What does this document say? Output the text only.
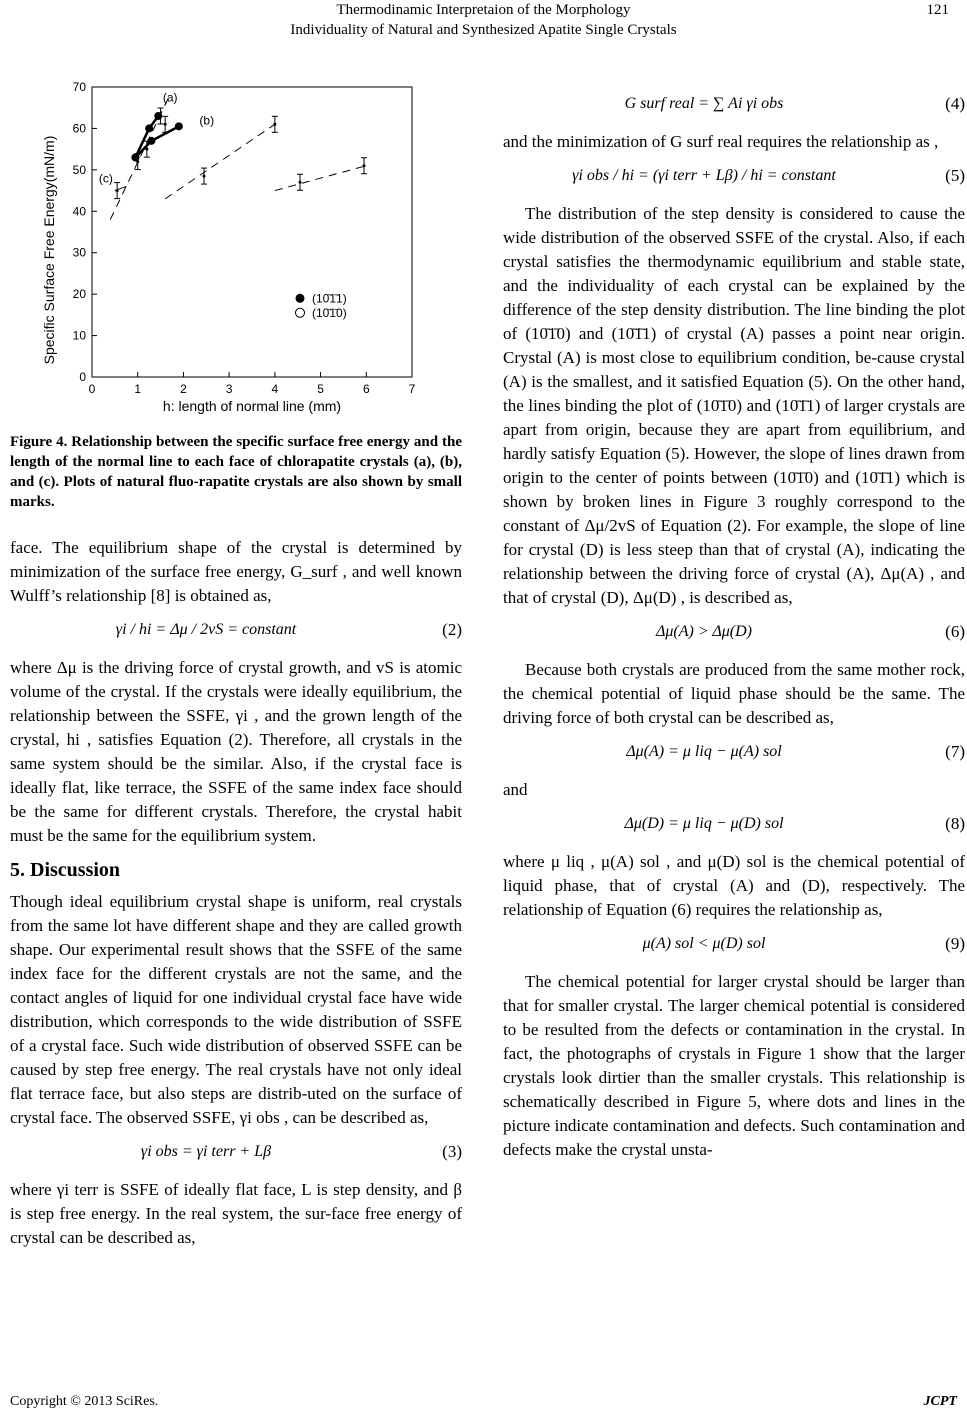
Thermodinamic Interpretaion of the Morphology
Individuality of Natural and Synthesized Apatite Single Crystals
121
0	1	2	3	4	5	6	7
0
10
20
30
40
50
60
70
(a)
(b)
(c)
(10̄1̄1)
(10̄1̄0)
Specific Surface Free Energy(mN/m)
h: length of normal line (mm)
Figure 4. Relationship between the specific surface free energy and the length of the normal line to each face of chlorapatite crystals (a), (b), and (c). Plots of natural fluo-rapatite crystals are also shown by small marks.

face. The equilibrium shape of the crystal is determined by minimization of the surface free energy, G_surf , and well known Wulff’s relationship [8] is obtained as,

γi / hi = Δμ / 2vS = constant	(2)

where Δμ is the driving force of crystal growth, and vS is atomic volume of the crystal. If the crystals were ideally equilibrium, the relationship between the SSFE, γi , and the grown length of the crystal, hi , satisfies Equation (2). Therefore, all crystals in the same system should be the similar. Also, if the crystal face is ideally flat, like terrace, the SSFE of the same index face should be the same for different crystals. Therefore, the crystal habit must be the same for the equilibrium system.

5. Discussion

Though ideal equilibrium crystal shape is uniform, real crystals from the same lot have different shape and they are called growth shape. Our experimental result shows that the SSFE of the same index face for the different crystals are not the same, and the contact angles of liquid for one individual crystal face have wide distribution, which corresponds to the wide distribution of SSFE of a crystal face. Such wide distribution of observed SSFE can be caused by step free energy. The real crystals have not only ideal flat terrace face, but also steps are distrib-uted on the surface of crystal face. The observed SSFE, γi obs , can be described as,

γi obs = γi terr + Lβ	(3)

where γi terr is SSFE of ideally flat face, L is step density, and β is step free energy. In the real system, the sur-face free energy of crystal can be described as,

G surf real = ∑ Ai γi obs	(4)

and the minimization of G surf real requires the relationship as ,

γi obs / hi = (γi terr + Lβ) / hi = constant	(5)

The distribution of the step density is considered to cause the wide distribution of the observed SSFE of the crystal. Also, if each crystal satisfies the thermodynamic equilibrium and stable state, and the individuality of each crystal can be explained by the difference of the step density distribution. The line binding the plot of (10̄1̄0) and (10̄1̄1) of crystal (A) passes a point near origin. Crystal (A) is most close to equilibrium condition, be-cause crystal (A) is the smallest, and it satisfied Equation (5). On the other hand, the lines binding the plot of (10̄1̄0) and (10̄1̄1) of larger crystals are apart from origin, because they are apart from equilibrium, and hardly satisfy Equation (5). However, the slope of lines drawn from origin to the center of points between (10̄1̄0) and (10̄1̄1) which is shown by broken lines in Figure 3 roughly correspond to the constant of Δμ/2vS of Equation (2). For example, the slope of line for crystal (D) is less steep than that of crystal (A), indicating the relationship between the driving force of crystal (A), Δμ(A) , and that of crystal (D), Δμ(D) , is described as,

Δμ(A) > Δμ(D)	(6)

Because both crystals are produced from the same mother rock, the chemical potential of liquid phase should be the same. The driving force of both crystal can be described as,

Δμ(A) = μ liq − μ(A) sol	(7)

and

Δμ(D) = μ liq − μ(D) sol	(8)

where μ liq , μ(A) sol , and μ(D) sol is the chemical potential of liquid phase, that of crystal (A) and (D), respectively. The relationship of Equation (6) requires the relationship as,

μ(A) sol < μ(D) sol	(9)

The chemical potential for larger crystal should be larger than that for smaller crystal. The larger chemical potential is considered to be resulted from the defects or contamination in the crystal. In fact, the photographs of crystals in Figure 1 show that the larger crystals look dirtier than the smaller crystals. This relationship is schematically described in Figure 5, where dots and lines in the picture indicate contamination and defects. Such contamination and defects make the crystal unsta-

Copyright © 2013 SciRes.	JCPT
